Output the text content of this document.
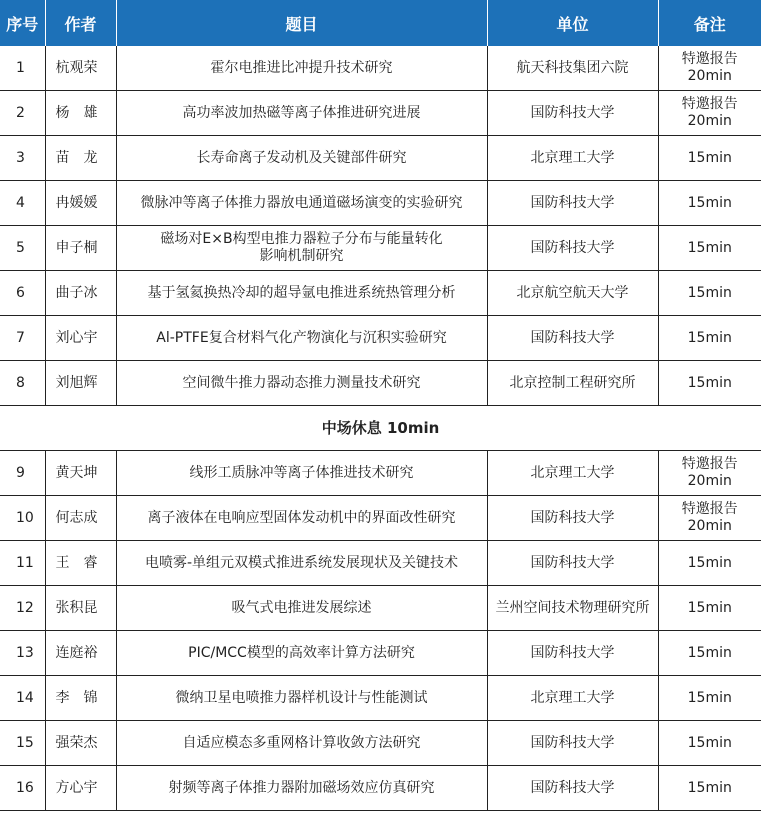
序号	作者	题目	单位	备注
1	杭观荣	霍尔电推进比冲提升技术研究	航天科技集团六院	特邀报告
20min
2	杨　雄	高功率波加热磁等离子体推进研究进展	国防科技大学	特邀报告
20min
3	苗　龙	长寿命离子发动机及关键部件研究	北京理工大学	15min
4	冉媛媛	微脉冲等离子体推力器放电通道磁场演变的实验研究	国防科技大学	15min
5	申子桐	磁场对E×B构型电推力器粒子分布与能量转化
影响机制研究	国防科技大学	15min
6	曲子冰	基于氢氦换热冷却的超导氩电推进系统热管理分析	北京航空航天大学	15min
7	刘心宇	Al-PTFE复合材料气化产物演化与沉积实验研究	国防科技大学	15min
8	刘旭辉	空间微牛推力器动态推力测量技术研究	北京控制工程研究所	15min
中场休息 10min				
9	黄天坤	线形工质脉冲等离子体推进技术研究	北京理工大学	特邀报告
20min
10	何志成	离子液体在电响应型固体发动机中的界面改性研究	国防科技大学	特邀报告
20min
11	王　睿	电喷雾-单组元双模式推进系统发展现状及关键技术	国防科技大学	15min
12	张积昆	吸气式电推进发展综述	兰州空间技术物理研究所	15min
13	连庭裕	PIC/MCC模型的高效率计算方法研究	国防科技大学	15min
14	李　锦	微纳卫星电喷推力器样机设计与性能测试	北京理工大学	15min
15	强荣杰	自适应模态多重网格计算收敛方法研究	国防科技大学	15min
16	方心宇	射频等离子体推力器附加磁场效应仿真研究	国防科技大学	15min
